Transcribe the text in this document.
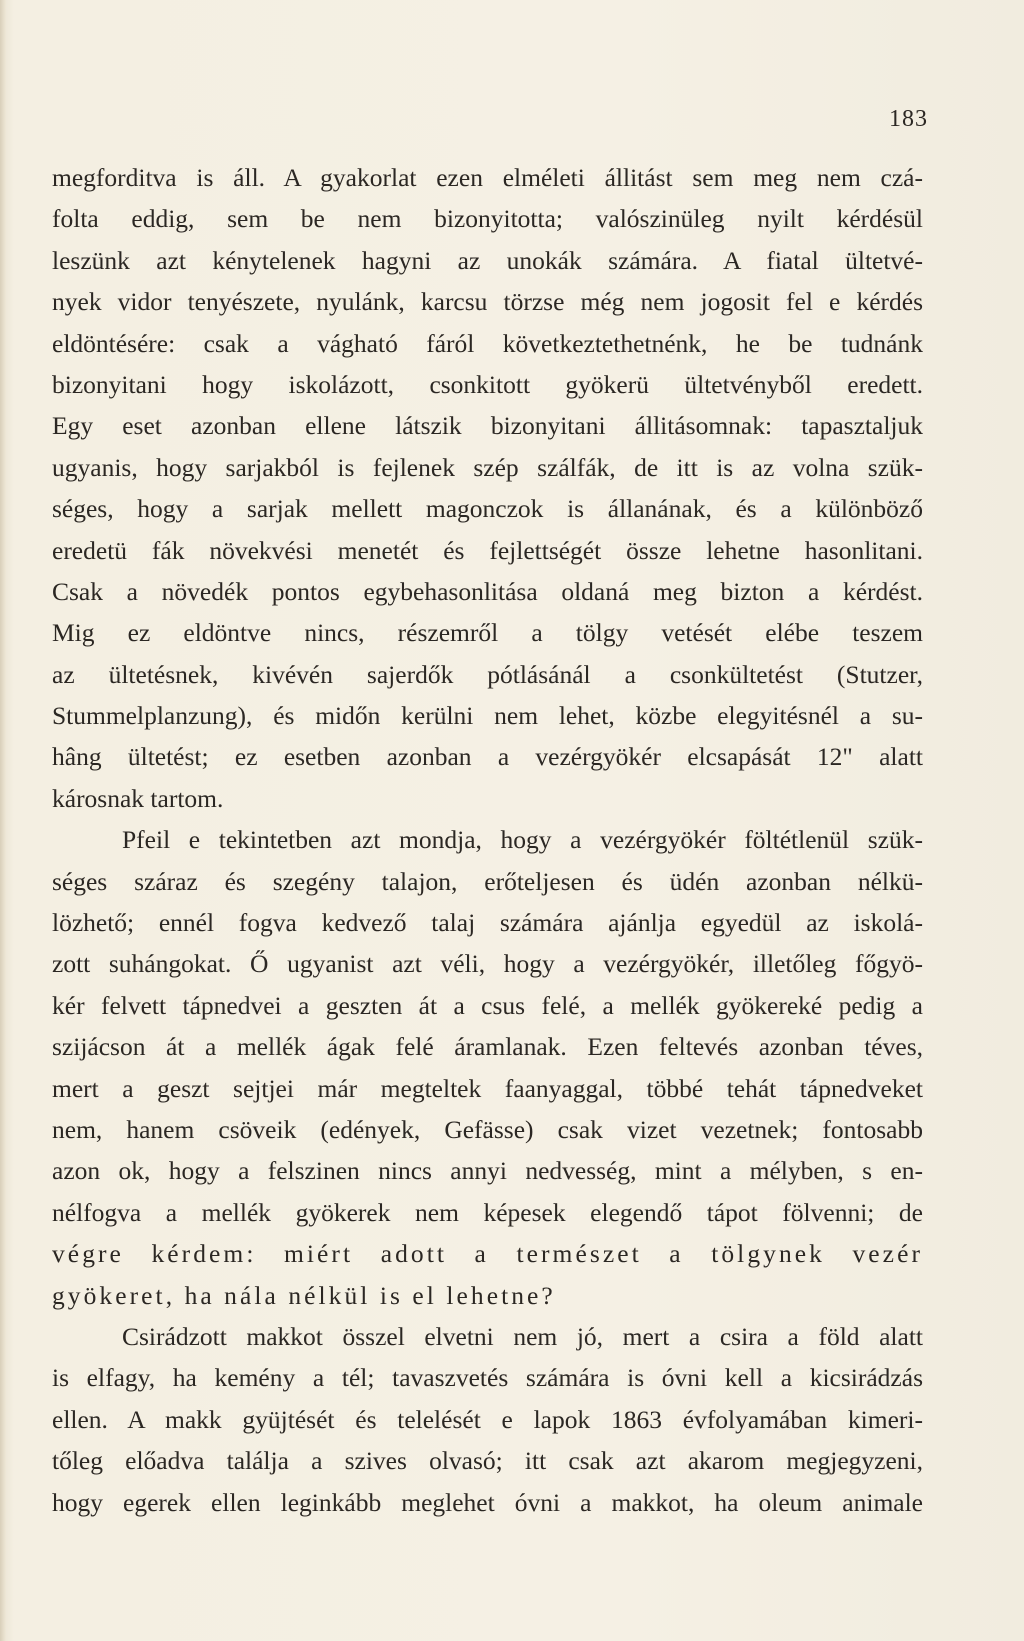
183
megforditva is áll. A gyakorlat ezen elméleti állitást sem meg nem czá-
folta eddig, sem be nem bizonyitotta; valószinüleg nyilt kérdésül
leszünk azt kénytelenek hagyni az unokák számára. A fiatal ültetvé-
nyek vidor tenyészete, nyulánk, karcsu törzse még nem jogosit fel e kérdés
eldöntésére: csak a vágható fáról következtethetnénk, he be tudnánk
bizonyitani hogy iskolázott, csonkitott gyökerü ültetvényből eredett.
Egy eset azonban ellene látszik bizonyitani állitásomnak: tapasztaljuk
ugyanis, hogy sarjakból is fejlenek szép szálfák, de itt is az volna szük-
séges, hogy a sarjak mellett magonczok is állanának, és a különböző
eredetü fák növekvési menetét és fejlettségét össze lehetne hasonlitani.
Csak a növedék pontos egybehasonlitása oldaná meg bizton a kérdést.
Mig ez eldöntve nincs, részemről a tölgy vetését elébe teszem
az ültetésnek, kivévén sajerdők pótlásánál a csonkültetést (Stutzer,
Stummelplanzung), és midőn kerülni nem lehet, közbe elegyitésnél a su-
hâng ültetést; ez esetben azonban a vezérgyökér elcsapását 12" alatt
károsnak tartom.
Pfeil e tekintetben azt mondja, hogy a vezérgyökér föltétlenül szük-
séges száraz és szegény talajon, erőteljesen és üdén azonban nélkü-
lözhető; ennél fogva kedvező talaj számára ajánlja egyedül az iskolá-
zott suhángokat. Ő ugyanist azt véli, hogy a vezérgyökér, illetőleg főgyö-
kér felvett tápnedvei a geszten át a csus felé, a mellék gyökereké pedig a
szijácson át a mellék ágak felé áramlanak. Ezen feltevés azonban téves,
mert a geszt sejtjei már megteltek faanyaggal, többé tehát tápnedveket
nem, hanem csöveik (edények, Gefässe) csak vizet vezetnek; fontosabb
azon ok, hogy a felszinen nincs annyi nedvesség, mint a mélyben, s en-
nélfogva a mellék gyökerek nem képesek elegendő tápot fölvenni; de
végre kérdem: miért adott a természet a tölgynek vezér
gyökeret, ha nála nélkül is el lehetne?
Csirádzott makkot összel elvetni nem jó, mert a csira a föld alatt
is elfagy, ha kemény a tél; tavaszvetés számára is óvni kell a kicsirádzás
ellen. A makk gyüjtését és telelését e lapok 1863 évfolyamában kimeri-
tőleg előadva találja a szives olvasó; itt csak azt akarom megjegyzeni,
hogy egerek ellen leginkább meglehet óvni a makkot, ha oleum animale
